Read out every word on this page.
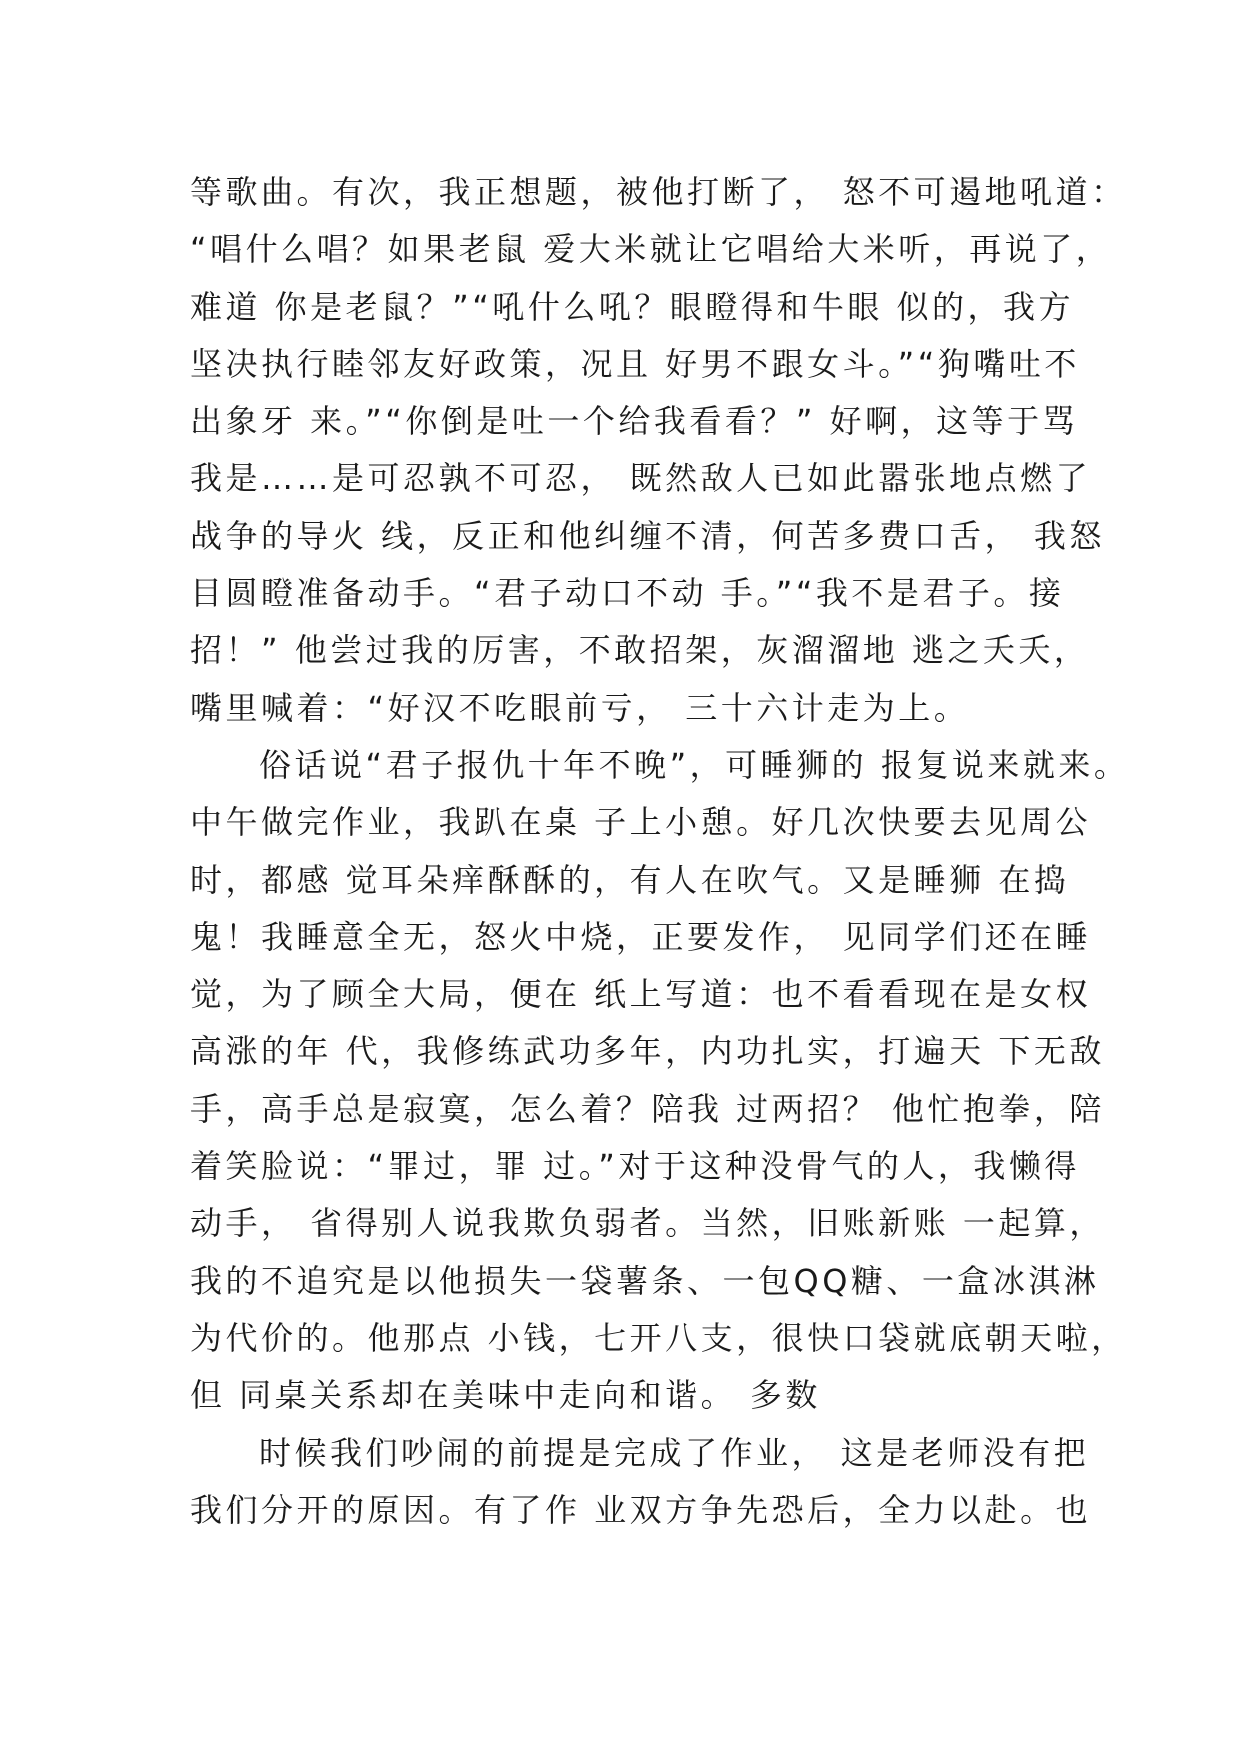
等歌曲。有次，我正想题，被他打断了， 怒不可遏地吼道：
“唱什么唱？如果老鼠 爱大米就让它唱给大米听，再说了，
难道 你是老鼠？”“吼什么吼？眼瞪得和牛眼 似的，我方
坚决执行睦邻友好政策，况且 好男不跟女斗。”“狗嘴吐不
出象牙 来。”“你倒是吐一个给我看看？” 好啊，这等于骂
我是……是可忍孰不可忍， 既然敌人已如此嚣张地点燃了
战争的导火 线，反正和他纠缠不清，何苦多费口舌， 我怒
目圆瞪准备动手。“君子动口不动 手。”“我不是君子。接
招！” 他尝过我的厉害，不敢招架，灰溜溜地 逃之夭夭，
嘴里喊着：“好汉不吃眼前亏， 三十六计走为上。
俗话说“君子报仇十年不晚”，可睡狮的 报复说来就来。
中午做完作业，我趴在桌 子上小憩。好几次快要去见周公
时，都感 觉耳朵痒酥酥的，有人在吹气。又是睡狮 在捣
鬼！我睡意全无，怒火中烧，正要发作， 见同学们还在睡
觉，为了顾全大局，便在 纸上写道：也不看看现在是女权
高涨的年 代，我修练武功多年，内功扎实，打遍天 下无敌
手，高手总是寂寞，怎么着？陪我 过两招？ 他忙抱拳，陪
着笑脸说：“罪过，罪 过。”对于这种没骨气的人，我懒得
动手， 省得别人说我欺负弱者。当然，旧账新账 一起算，
我的不追究是以他损失一袋薯条、一包QQ糖、一盒冰淇淋
为代价的。他那点 小钱，七开八支，很快口袋就底朝天啦，
但 同桌关系却在美味中走向和谐。 多数
时候我们吵闹的前提是完成了作业， 这是老师没有把
我们分开的原因。有了作 业双方争先恐后，全力以赴。也
